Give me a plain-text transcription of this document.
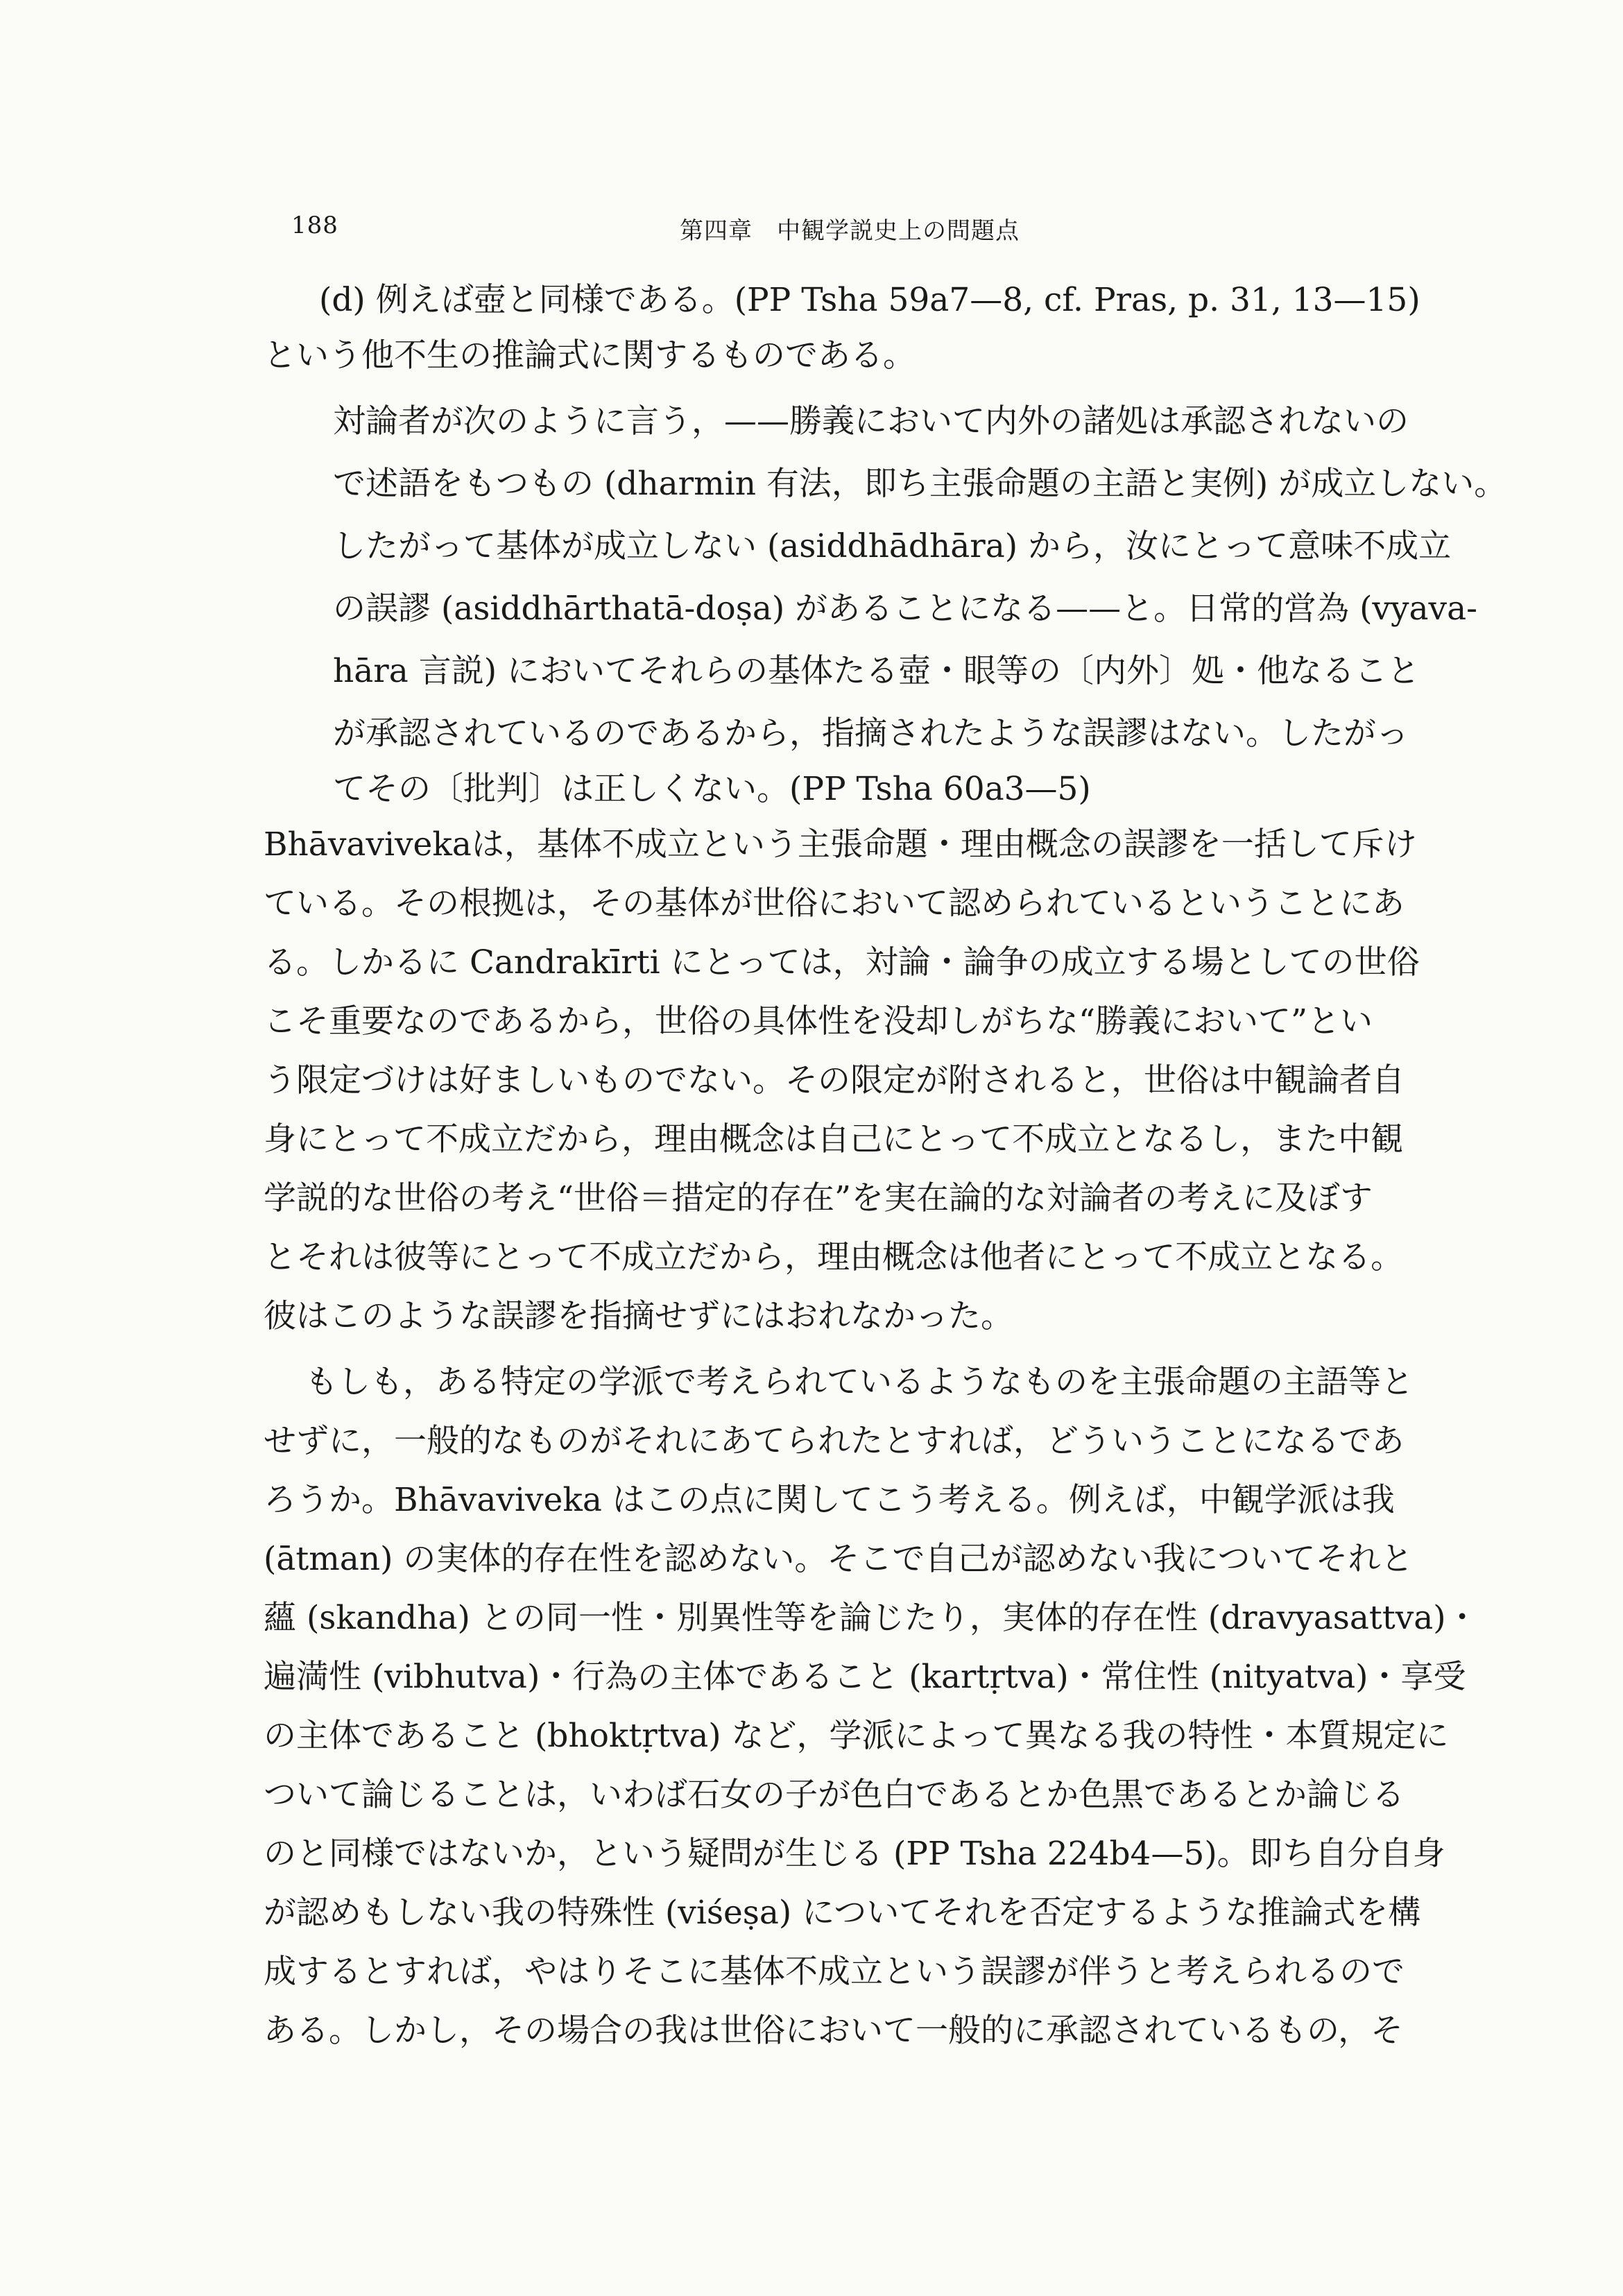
188	第四章　中観学説史上の問題点
(d) 例えば壺と同様である。(PP Tsha 59a7—8, cf. Pras, p. 31, 13—15)
という他不生の推論式に関するものである。
対論者が次のように言う，——勝義において内外の諸処は承認されないの
で述語をもつもの (dharmin 有法，即ち主張命題の主語と実例) が成立しない。
したがって基体が成立しない (asiddhādhāra) から，汝にとって意味不成立
の誤謬 (asiddhārthatā-doṣa) があることになる——と。日常的営為 (vyava-
hāra 言説) においてそれらの基体たる壺・眼等の〔内外〕処・他なること
が承認されているのであるから，指摘されたような誤謬はない。したがっ
てその〔批判〕は正しくない。(PP Tsha 60a3—5)
Bhāvavivekaは，基体不成立という主張命題・理由概念の誤謬を一括して斥け
ている。その根拠は，その基体が世俗において認められているということにあ
る。しかるに Candrakīrti にとっては，対論・論争の成立する場としての世俗
こそ重要なのであるから，世俗の具体性を没却しがちな“勝義において”とい
う限定づけは好ましいものでない。その限定が附されると，世俗は中観論者自
身にとって不成立だから，理由概念は自己にとって不成立となるし，また中観
学説的な世俗の考え“世俗＝措定的存在”を実在論的な対論者の考えに及ぼす
とそれは彼等にとって不成立だから，理由概念は他者にとって不成立となる。
彼はこのような誤謬を指摘せずにはおれなかった。
もしも，ある特定の学派で考えられているようなものを主張命題の主語等と
せずに，一般的なものがそれにあてられたとすれば，どういうことになるであ
ろうか。Bhāvaviveka はこの点に関してこう考える。例えば，中観学派は我
(ātman) の実体的存在性を認めない。そこで自己が認めない我についてそれと
蘊 (skandha) との同一性・別異性等を論じたり，実体的存在性 (dravyasattva)・
遍満性 (vibhutva)・行為の主体であること (kartṛtva)・常住性 (nityatva)・享受
の主体であること (bhoktṛtva) など，学派によって異なる我の特性・本質規定に
ついて論じることは，いわば石女の子が色白であるとか色黒であるとか論じる
のと同様ではないか，という疑問が生じる (PP Tsha 224b4—5)。即ち自分自身
が認めもしない我の特殊性 (viśeṣa) についてそれを否定するような推論式を構
成するとすれば，やはりそこに基体不成立という誤謬が伴うと考えられるので
ある。しかし，その場合の我は世俗において一般的に承認されているもの，そ
